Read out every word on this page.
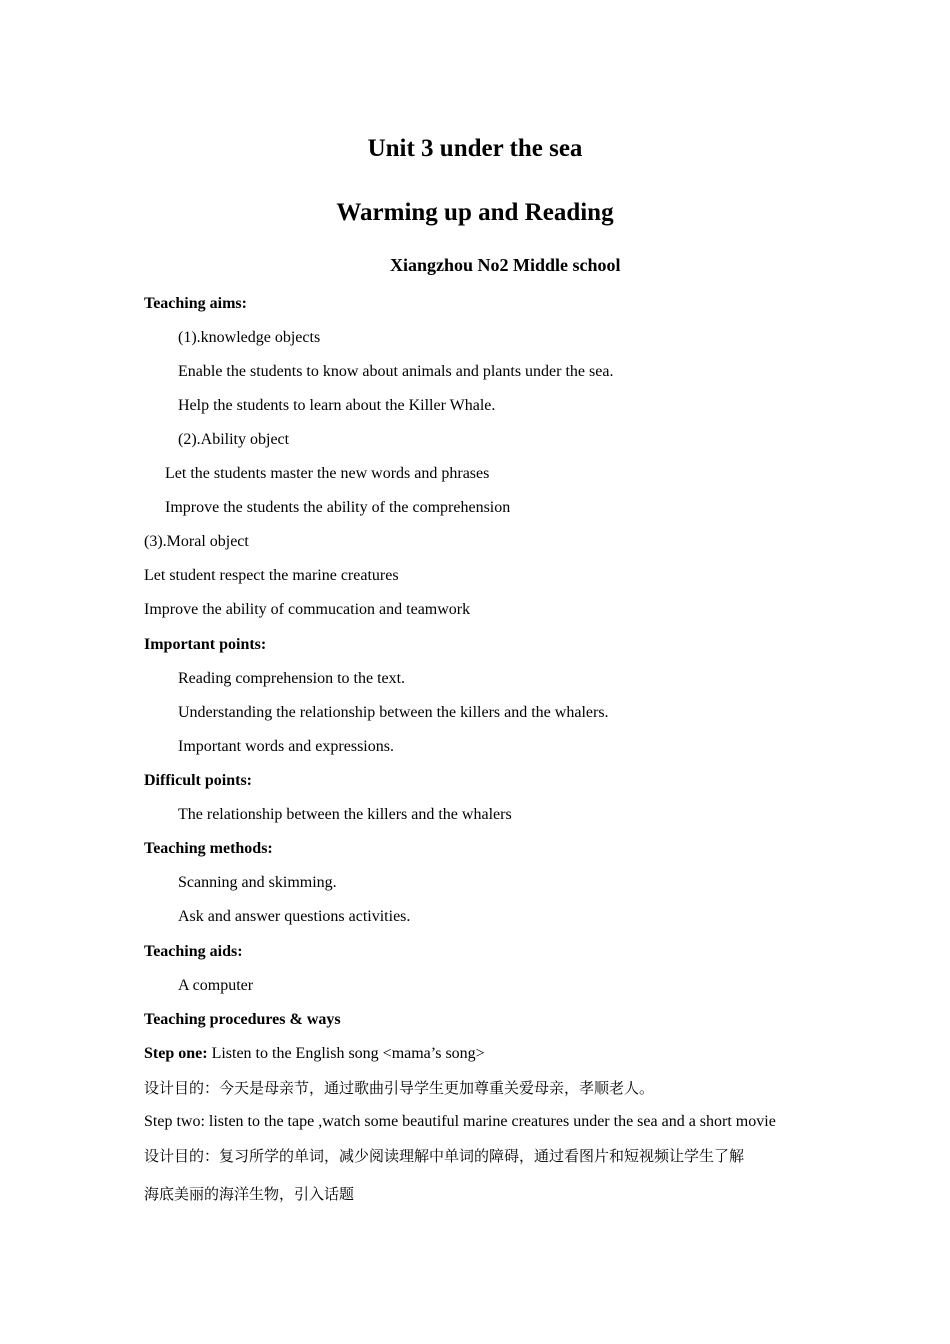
Unit 3 under the sea
Warming up and Reading
Xiangzhou No2 Middle school
Teaching aims:
(1).knowledge objects
Enable the students to know about animals and plants under the sea.
Help the students to learn about the Killer Whale.
(2).Ability object
Let the students master the new words and phrases
Improve the students the ability of the comprehension
(3).Moral object
Let student respect the marine creatures
Improve the ability of commucation and teamwork
Important points:
Reading comprehension to the text.
Understanding the relationship between the killers and the whalers.
Important words and expressions.
Difficult points:
The relationship between the killers and the whalers
Teaching methods:
Scanning and skimming.
Ask and answer questions activities.
Teaching aids:
A computer
Teaching procedures & ways
Step one: Listen to the English song <mama’s song>
设计目的：今天是母亲节，通过歌曲引导学生更加尊重关爱母亲，孝顺老人。
Step two: listen to the tape ,watch some beautiful marine creatures under the sea and a short movie
设计目的：复习所学的单词，减少阅读理解中单词的障碍，通过看图片和短视频让学生了解
海底美丽的海洋生物，引入话题
